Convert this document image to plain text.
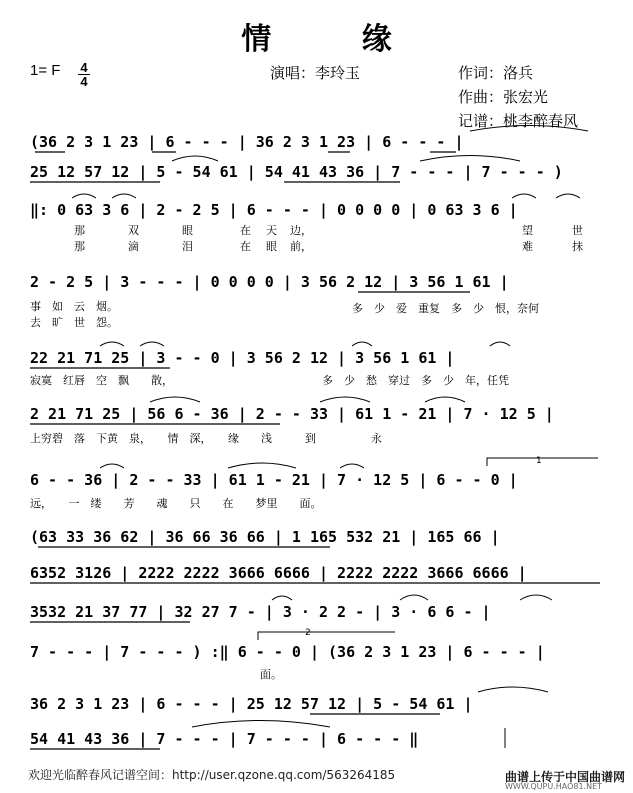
情 缘
1= F 4
4	演唱：李玲玉	作词：洛兵
作曲：张宏光
记谱：桃李醉春风
(36 2 3 1 23 | 6 - - - | 36 2 3 1 23 | 6 - - - |
25 12 57 12 | 5 - 54 61 | 54 41 43 36 | 7 - - - | 7 - - - )
‖: 0 63 3 6 | 2 - 2 5 | 6 - - - | 0 0 0 0 | 0 63 3 6 |
2 - 2 5 | 3 - - - | 0 0 0 0 | 3 56 2 12 | 3 56 1 61 |
22 21 71 25 | 3 - - 0 | 3 56 2 12 | 3 56 1 61 |
2 21 71 25 | 56 6 - 36 | 2 - - 33 | 61 1 - 21 | 7 · 12 5 |
6 - - 36 | 2 - - 33 | 61 1 - 21 | 7 · 12 5 | 6 - - 0 |
(63 33 36 62 | 36 66 36 66 | 1 165 532 21 | 165 66 |
6352 3126 | 2222 2222 3666 6666 | 2222 2222 3666 6666 |
3532 21 37 77 | 32 27 7 - | 3 · 2 2 - | 3 · 6 6 - |
7 - - - | 7 - - - ) :‖ 6 - - 0 | (36 2 3 1 23 | 6 - - - |
36 2 3 1 23 | 6 - - - | 25 12 57 12 | 5 - 54 61 |
54 41 43 36 | 7 - - - | 7 - - - | 6 - - - ‖
那	双	眼	在 天 边，	望	世
那	滴	泪	在 眼 前，	难	抹
事　如　云　烟。
去　旷　世　怨。
多　少　爱　重复　多　少　恨，奈何
寂寞　红唇　空　飘　　散，	多　少　愁　穿过　多　少　年，任凭
上穷碧　落　下黄　泉，　　情　深，　　缘　　浅　　　到　　　　　永
远，　　一　缕　　芳　　魂　　只　　在　　梦里　　面。
面。
1
2
欢迎光临醉春风记谱空间：http://user.qzone.qq.com/563264185	曲谱上传于中国曲谱网
WWW.QUPU.HAO81.NET
